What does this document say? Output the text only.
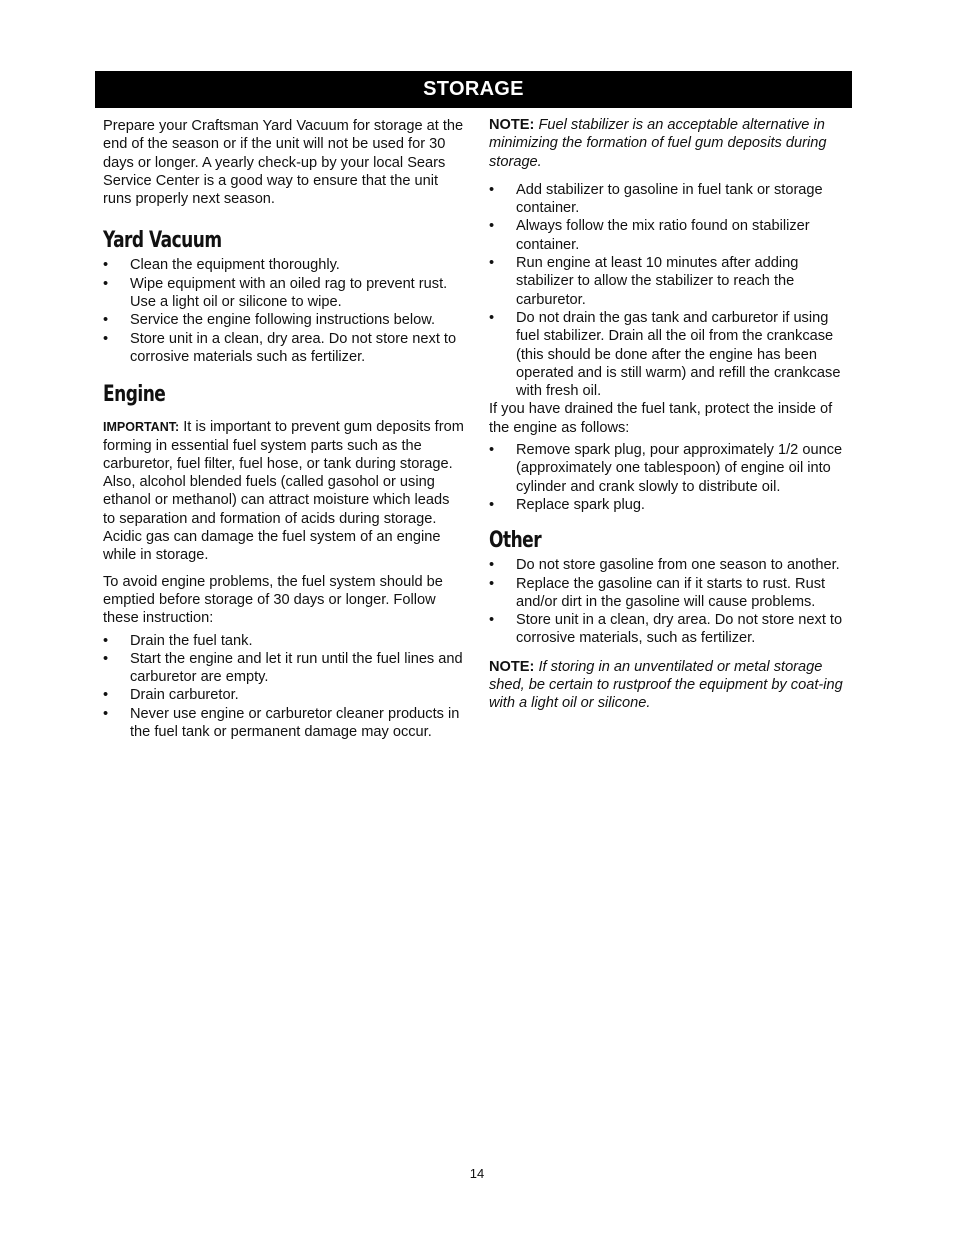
STORAGE

Prepare your Craftsman Yard Vacuum for storage at the end of the season or if the unit will not be used for 30 days or longer. A yearly check-up by your local Sears Service Center is a good way to ensure that the unit runs properly next season.

Yard Vacuum
• Clean the equipment thoroughly.
• Wipe equipment with an oiled rag to prevent rust. Use a light oil or silicone to wipe.
• Service the engine following instructions below.
• Store unit in a clean, dry area. Do not store next to corrosive materials such as fertilizer.
Engine

IMPORTANT: It is important to prevent gum deposits from forming in essential fuel system parts such as the carburetor, fuel filter, fuel hose, or tank during storage. Also, alcohol blended fuels (called gasohol or using ethanol or methanol) can attract moisture which leads to separation and formation of acids during storage. Acidic gas can damage the fuel system of an engine while in storage.

To avoid engine problems, the fuel system should be emptied before storage of 30 days or longer. Follow these instruction:

• Drain the fuel tank.
• Start the engine and let it run until the fuel lines and carburetor are empty.
• Drain carburetor.
• Never use engine or carburetor cleaner products in the fuel tank or permanent damage may occur.

NOTE: Fuel stabilizer is an acceptable alternative in minimizing the formation of fuel gum deposits during storage.

• Add stabilizer to gasoline in fuel tank or storage container.
• Always follow the mix ratio found on stabilizer container.
• Run engine at least 10 minutes after adding stabilizer to allow the stabilizer to reach the carburetor.
• Do not drain the gas tank and carburetor if using fuel stabilizer. Drain all the oil from the crankcase (this should be done after the engine has been operated and is still warm) and refill the crankcase with fresh oil.

If you have drained the fuel tank, protect the inside of the engine as follows:

• Remove spark plug, pour approximately 1/2 ounce (approximately one tablespoon) of engine oil into cylinder and crank slowly to distribute oil.
• Replace spark plug.
Other
• Do not store gasoline from one season to another.
• Replace the gasoline can if it starts to rust. Rust and/or dirt in the gasoline will cause problems.
• Store unit in a clean, dry area. Do not store next to corrosive materials, such as fertilizer.

NOTE: If storing in an unventilated or metal storage shed, be certain to rustproof the equipment by coat-ing with a light oil or silicone.

14
